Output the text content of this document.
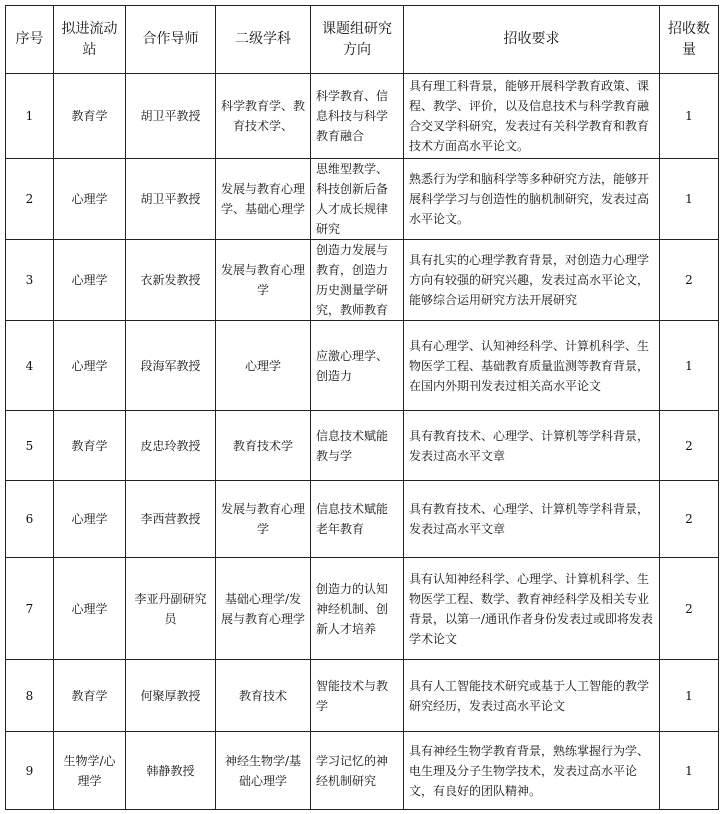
序号	拟进流动站	合作导师	二级学科	课题组研究方向	招收要求	招收数量
1	教育学	胡卫平教授	科学教育学、教育技术学、	科学教育、信息科技与科学教育融合	具有理工科背景，能够开展科学教育政策、课程、教学、评价，以及信息技术与科学教育融合交叉学科研究，发表过有关科学教育和教育技术方面高水平论文。	1
2	心理学	胡卫平教授	发展与教育心理学、基础心理学	思维型教学、科技创新后备人才成长规律研究	熟悉行为学和脑科学等多种研究方法，能够开展科学学习与创造性的脑机制研究，发表过高水平论文。	1
3	心理学	衣新发教授	发展与教育心理学	创造力发展与教育，创造力历史测量学研究，教师教育	具有扎实的心理学教育背景，对创造力心理学方向有较强的研究兴趣，发表过高水平论文，能够综合运用研究方法开展研究	2
4	心理学	段海军教授	心理学	应激心理学、创造力	具有心理学、认知神经科学、计算机科学、生物医学工程、基础教育质量监测等教育背景，在国内外期刊发表过相关高水平论文	1
5	教育学	皮忠玲教授	教育技术学	信息技术赋能教与学	具有教育技术、心理学、计算机等学科背景，发表过高水平文章	2
6	心理学	李西营教授	发展与教育心理学	信息技术赋能老年教育	具有教育技术、心理学、计算机等学科背景，发表过高水平文章	2
7	心理学	李亚丹副研究员	基础心理学/发展与教育心理学	创造力的认知神经机制、创新人才培养	具有认知神经科学、心理学、计算机科学、生物医学工程、数学、教育神经科学及相关专业背景，以第一/通讯作者身份发表过或即将发表学术论文	2
8	教育学	何聚厚教授	教育技术	智能技术与教学	具有人工智能技术研究或基于人工智能的教学研究经历，发表过高水平论文	1
9	生物学/心理学	韩静教授	神经生物学/基础心理学	学习记忆的神经机制研究	具有神经生物学教育背景，熟练掌握行为学、电生理及分子生物学技术，发表过高水平论文，有良好的团队精神。	1
